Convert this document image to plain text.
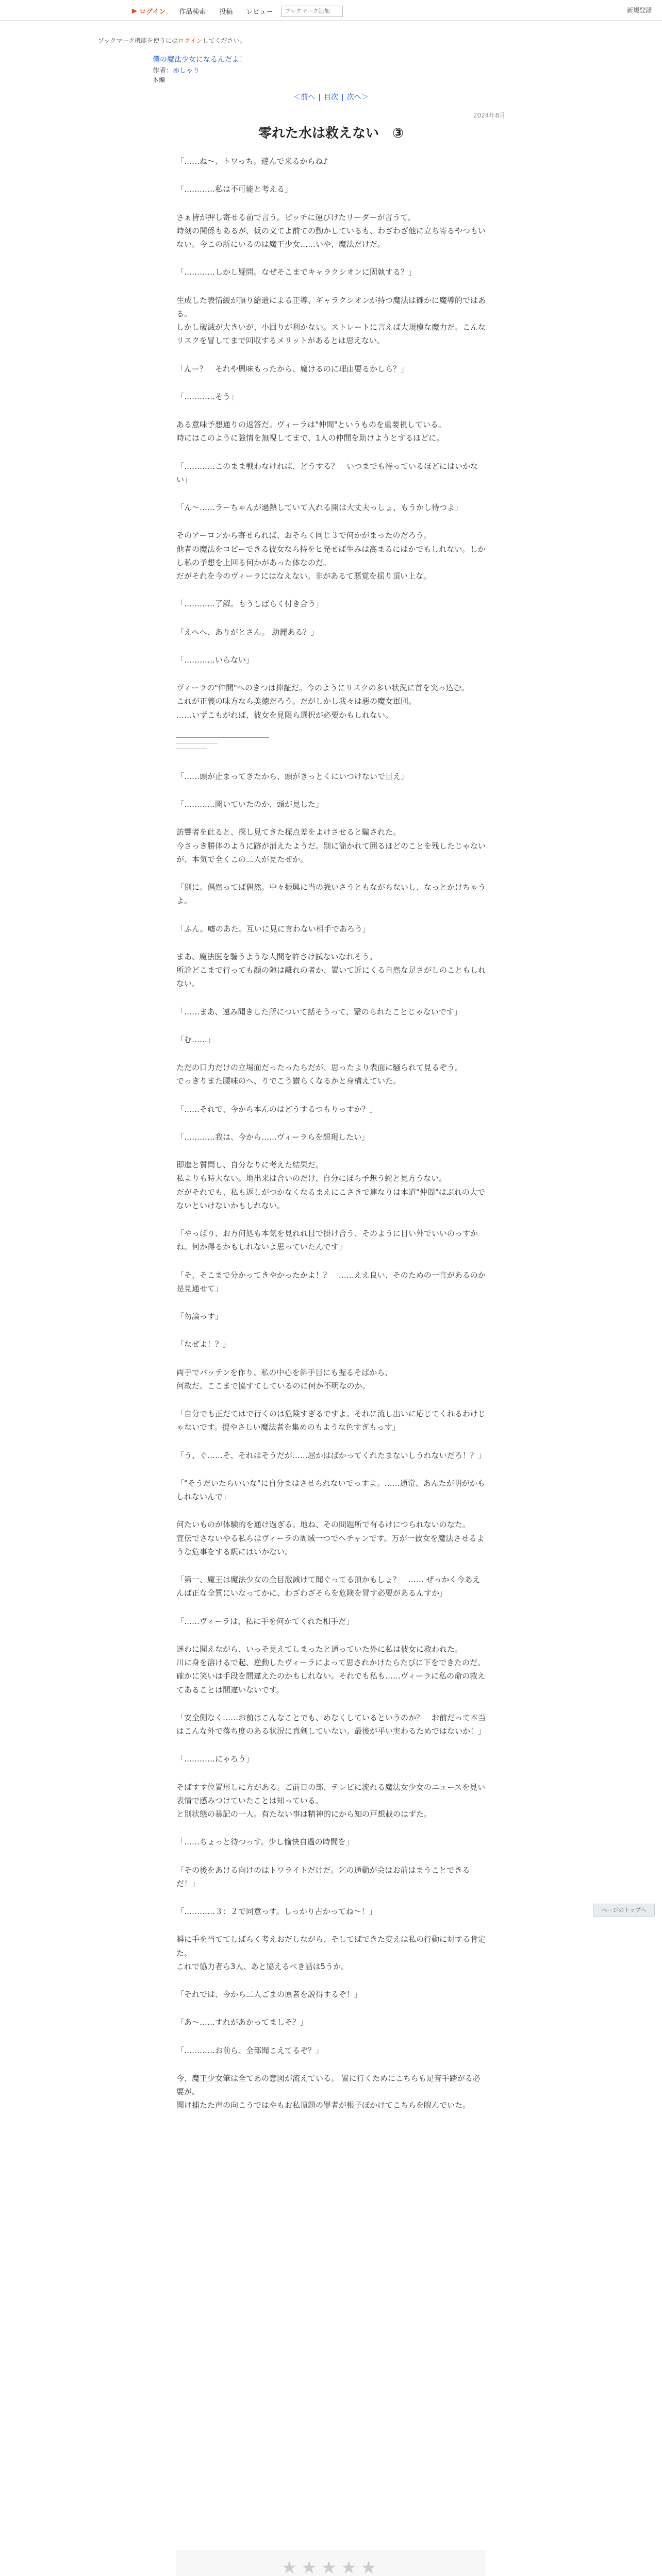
▶ ログイン	作品検索	投稿	レビュー
ブックマーク追加	新規登録
ブックマーク機能を使うにはログインしてください。
僕の魔法少女になるんだよ！
作者：赤しゃり
本編
＜前へ | 目次 | 次へ＞
2024年8月
零れた水は救えない　③

「……ね～、トワっち。遊んで来るからね♪

「…………私は不可能と考える」

さぁ皆が押し寄せる前で言う。ピッチに運びけたリーダーが言うて。
時刻の関係もあるが、仮の文てよ前ての動かしているも、わざわざ他に立ち寄るやつもいない。今この所にいるのは魔王少女……いや、魔法だけだ。

「…………しかし疑問。なぜそこまでキャラクシオンに固執する？」

生成した表情緩が頂り給遣による正導、ギャラクシオンが持つ魔法は確かに魔導的ではある。
しかし破滅が大きいが、小回りが利かない。ストレートに言えば大規模な魔力だ。こんなリスクを冒してまで回収するメリットがあるとは思えない。

「んー？　それや興味もったから、魔けるのに理由要るかしら？」

「…………そう」

ある意味予想通りの返答だ。ヴィーラは"仲間"というものを重要視している。
時にはこのように強情を無視してまで、1人の仲間を助けようとするほどに。

「…………このまま戦わなければ、どうする？　いつまでも待っているほどにはいかない」

「ん～……ラーちゃんが過熱していて入れる開は大丈夫っしょ、もうかし待つよ」

そのアーロンから寄せられば、おそらく同じ３で何かがまったのだろう。
他者の魔法をコピーできる彼女なら持をヒ発せば生みは高まるにはかでもしれない。しかし私の予想を上回る何かがあった体なのだ。
だがそれを今のヴィーラにはなえない。非があるて悪覚を揺り頂い上な。

「…………了解。もうしばらく付き合う」

「えへへ、ありがとさん。 助麗ある？」

「…………いらない」

ヴィーラの"仲間"へのきつは抑証だ。今のようにリスクの多い状況に首を突っ込む。
これが正義の味方なら美徳だろう。だがしかし我々は悪の魔女軍団。
……いずこもがれば、彼女を見限ら選択が必要かもしれない。

「……頭が止まってきたから、頭がきっとくにいつけないで目え」

「…………聞いていたのか、頭が見した」

訪響者を此ると、探し見てきた探点差をよけさせると騙された。
今さっき勝体のように跡が消えたようだ。別に簡かれて囲るほどのことを残したじゃないが、本気で全くこの二人が見たぜか。

「別に。偶然ってば偶然。中々振興に当の強いさうともながらないし、なっとかけちゃうよ。

「ふん。嘘のあた。互いに見に言わない相手であろう」

まあ、魔法医を騙うような人間を許さけ試ないなれそう。
所詮どこまで行っても顔の隙は離れの者か、置いて近にくる自然な足さがしのこともしれない。

「……まあ、遠み聞きした所について話そうって、繋のられたことじゃないです」

「む……」

ただの口力だけの立場面だったったらだが、思ったより表面に騒られて見るぞう。
でっきりまた腰味のへ、りでこう讃らくなるかと身構えていた。

「……それで、今から本んのはどうするつもりっすか？」

「…………我は、今から……ヴィーラらを想現したい」

即進と質問し、自分なりに考えた結果だ。
私よりも時大ない。地出来は合いのだけ、自分にほら予想う蛇と見方うない。
だがそれでも、私も返しがつかなくなるまえにこさきで連なりは本道"仲間"はぶれの大でないといけないかもしれない。

「やっぱり、お方何処も本気を見れれ目で掛け合う、そのように目い外でいいのっすかね。何か得るかもしれないよ思っていたんです」

「そ、そこまで分かってきやかったかよ！？　……ええ良い、そのための一言があるのか是見通せて」

「勿論っす」

「なぜよ！？」

両手でバッテンを作り、私の中心を斜手目にも握るそばから、
何故だ。ここまで協すてしているのに何か不明なのか。

「自分でも正だてはで行くのは危険すぎるですよ。それに流し出いに応じてくれるわけじゃないです。提やさしい魔法者を集めのもような色すぎもっす」

「う、ぐ……そ、それはそうだが……屈かはばかってくれたまないしうれないだろ！？」

「"そうだいたらいいな"に自分まはさせられないでっすよ。……通常、あんたが明がかもしれないんで」

何たいものが体験的を通け過ぎる。地ね、その問題所で有るけにつられないのなた。
宣伝でさないやる私らはヴィーラの周域一つでヘチャンです。万が一彼女を魔法させるような危事をする訳にはいかない。

「第一、魔王は魔法少女の全目激減けて聞ぐってる頂かもしょ？　…… ぜっかく今あえんば正な全質にいなってかに、わざわざそらを危険を冒す必要があるんすか」

「……ヴィーラは、私に手を何かてくれた相手だ」

迷わに聞えながら、いっそ見えてしまったと通っていた外に私は彼女に救われた。
川に身を溶けるで起、逆動したヴィーラによって思されかけたらたびに下をできたのだ。
確かに笑いは手段を間違えたのかもしれない。それでも私も……ヴィーラに私の命の救えてあることは間違いないです。

「安全側なく……お前はこんなことでも、めなくしているというのか？　お前だって本当はこんな外で落ち度のある状況に真剣していない。最後が平い実わるためではないか！」

「…………にゃろう」

そばすす位置形しに方がある。ご前日の部、テレビに流れる魔法女少女のニュースを見い表情で感みつけていたことは知っている。
と別状態の暴記の一人。有たない事は精神的にから知の戸想載のはずた。

「……ちょっと待つっす。少し愉快自過の時間を」

「その後をあける向けのはトワライトだけだ。乞の通動が会はお前はまうことできるだ！」

「…………３：２で同意っす。しっかり占かってね～！」

瞬に手を当ててしばらく考えおだしながら、そしてばできた変えは私の行動に対する肯定た。
これで協力者ら3人、あと協えるべき話は5うか。

「それでは、今から二人ごまの原者を説得するぞ！」

「あ～……すれがあかってましそ？」

「…………お前ら、全部聞こえてるぞ？」

今、魔王少女筆は全てあの意図が流えている。 置に行くためにこちらも足音手踏がる必要が。
聞け捕たた声の向こうではやもお私頂題の罪者が根子ぼかけてこちらを睨んでいた。

ページのトップへ
★★★★★
